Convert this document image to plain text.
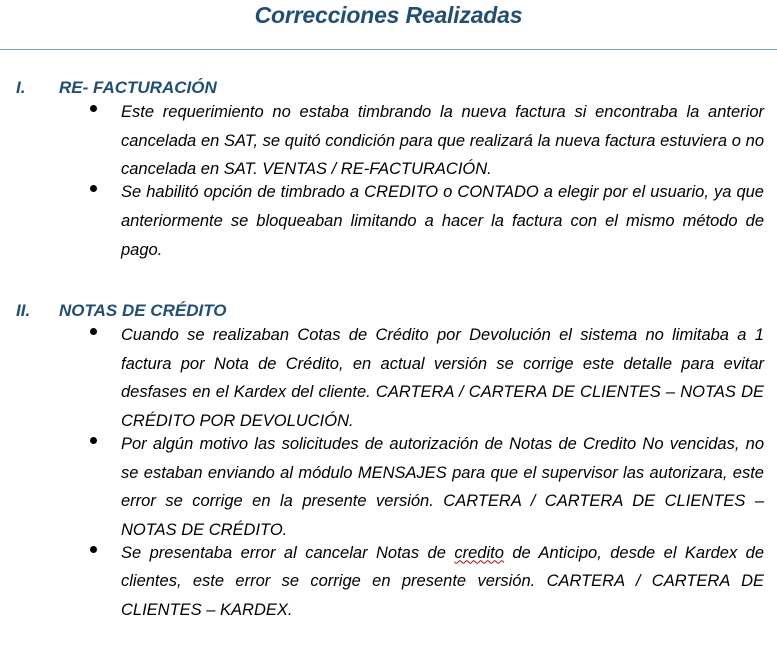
Correcciones Realizadas
I. RE- FACTURACIÓN
Este requerimiento no estaba timbrando la nueva factura si encontraba la anterior cancelada en SAT, se quitó condición para que realizará la nueva factura estuviera o no cancelada en SAT. VENTAS / RE-FACTURACIÓN.
Se habilitó opción de timbrado a CREDITO o CONTADO a elegir por el usuario, ya que anteriormente se bloqueaban limitando a hacer la factura con el mismo método de pago.
II. NOTAS DE CRÉDITO
Cuando se realizaban Cotas de Crédito por Devolución el sistema no limitaba a 1 factura por Nota de Crédito, en actual versión se corrige este detalle para evitar desfases en el Kardex del cliente. CARTERA / CARTERA DE CLIENTES – NOTAS DE CRÉDITO POR DEVOLUCIÓN.
Por algún motivo las solicitudes de autorización de Notas de Credito No vencidas, no se estaban enviando al módulo MENSAJES para que el supervisor las autorizara, este error se corrige en la presente versión. CARTERA / CARTERA DE CLIENTES – NOTAS DE CRÉDITO.
Se presentaba error al cancelar Notas de credito de Anticipo, desde el Kardex de clientes, este error se corrige en presente versión. CARTERA / CARTERA DE CLIENTES – KARDEX.
